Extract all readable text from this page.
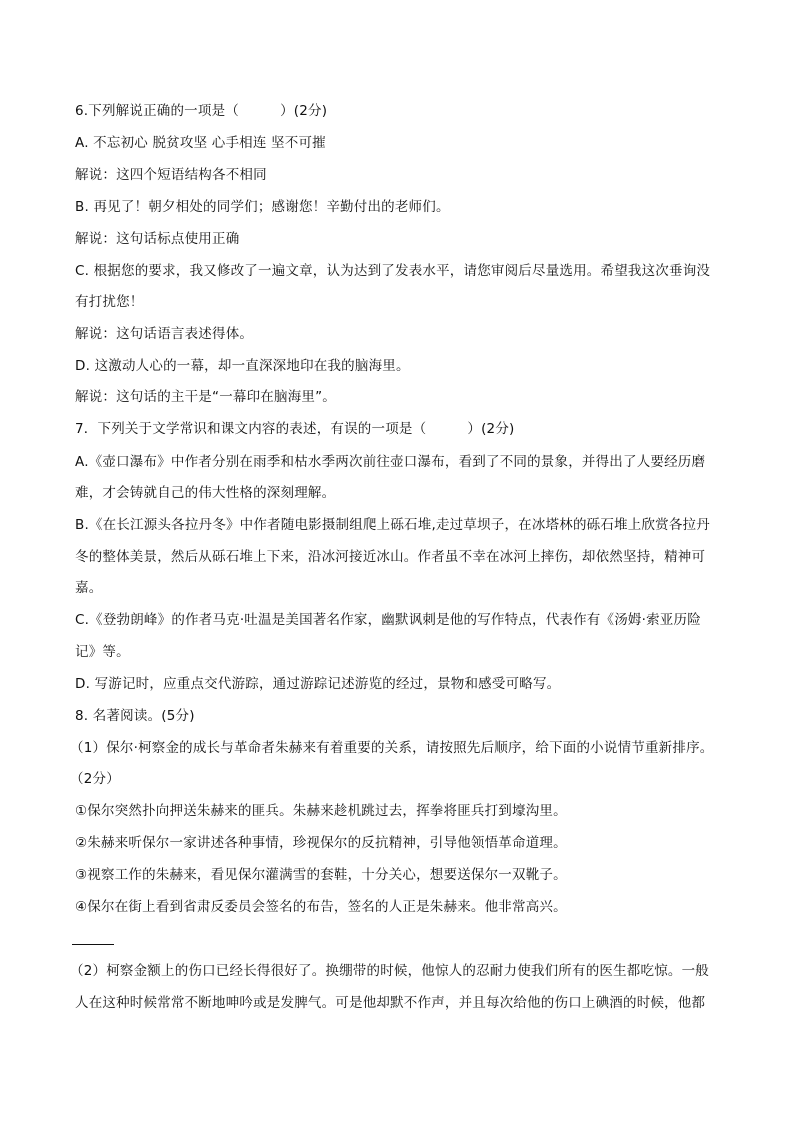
6.下列解说正确的一项是（　　　）(2分)
A. 不忘初心 脱贫攻坚 心手相连 坚不可摧
解说：这四个短语结构各不相同
B. 再见了！朝夕相处的同学们；感谢您！辛勤付出的老师们。
解说：这句话标点使用正确
C. 根据您的要求，我又修改了一遍文章，认为达到了发表水平，请您审阅后尽量选用。希望我这次垂询没
有打扰您！
解说：这句话语言表述得体。
D. 这激动人心的一幕，却一直深深地印在我的脑海里。
解说：这句话的主干是“一幕印在脑海里”。
7．下列关于文学常识和课文内容的表述，有误的一项是（　　　）(2分)
A.《壶口瀑布》中作者分别在雨季和枯水季两次前往壶口瀑布，看到了不同的景象，并得出了人要经历磨
难，才会铸就自己的伟大性格的深刻理解。
B.《在长江源头各拉丹冬》中作者随电影摄制组爬上砾石堆,走过草坝子，在冰塔林的砾石堆上欣赏各拉丹
冬的整体美景，然后从砾石堆上下来，沿冰河接近冰山。作者虽不幸在冰河上摔伤，却依然坚持，精神可
嘉。
C.《登勃朗峰》的作者马克·吐温是美国著名作家，幽默讽刺是他的写作特点，代表作有《汤姆·索亚历险
记》等。
D. 写游记时，应重点交代游踪，通过游踪记述游览的经过，景物和感受可略写。
8. 名著阅读。(5分)
（1）保尔·柯察金的成长与革命者朱赫来有着重要的关系，请按照先后顺序，给下面的小说情节重新排序。
（2分）
①保尔突然扑向押送朱赫来的匪兵。朱赫来趁机跳过去，挥拳将匪兵打到壕沟里。
②朱赫来听保尔一家讲述各种事情，珍视保尔的反抗精神，引导他领悟革命道理。
③视察工作的朱赫来，看见保尔灌满雪的套鞋，十分关心，想要送保尔一双靴子。
④保尔在街上看到省肃反委员会签名的布告，签名的人正是朱赫来。他非常高兴。
（2）柯察金额上的伤口已经长得很好了。换绷带的时候，他惊人的忍耐力使我们所有的医生都吃惊。一般
人在这种时候常常不断地呻吟或是发脾气。可是他却默不作声，并且每次给他的伤口上碘酒的时候，他都
